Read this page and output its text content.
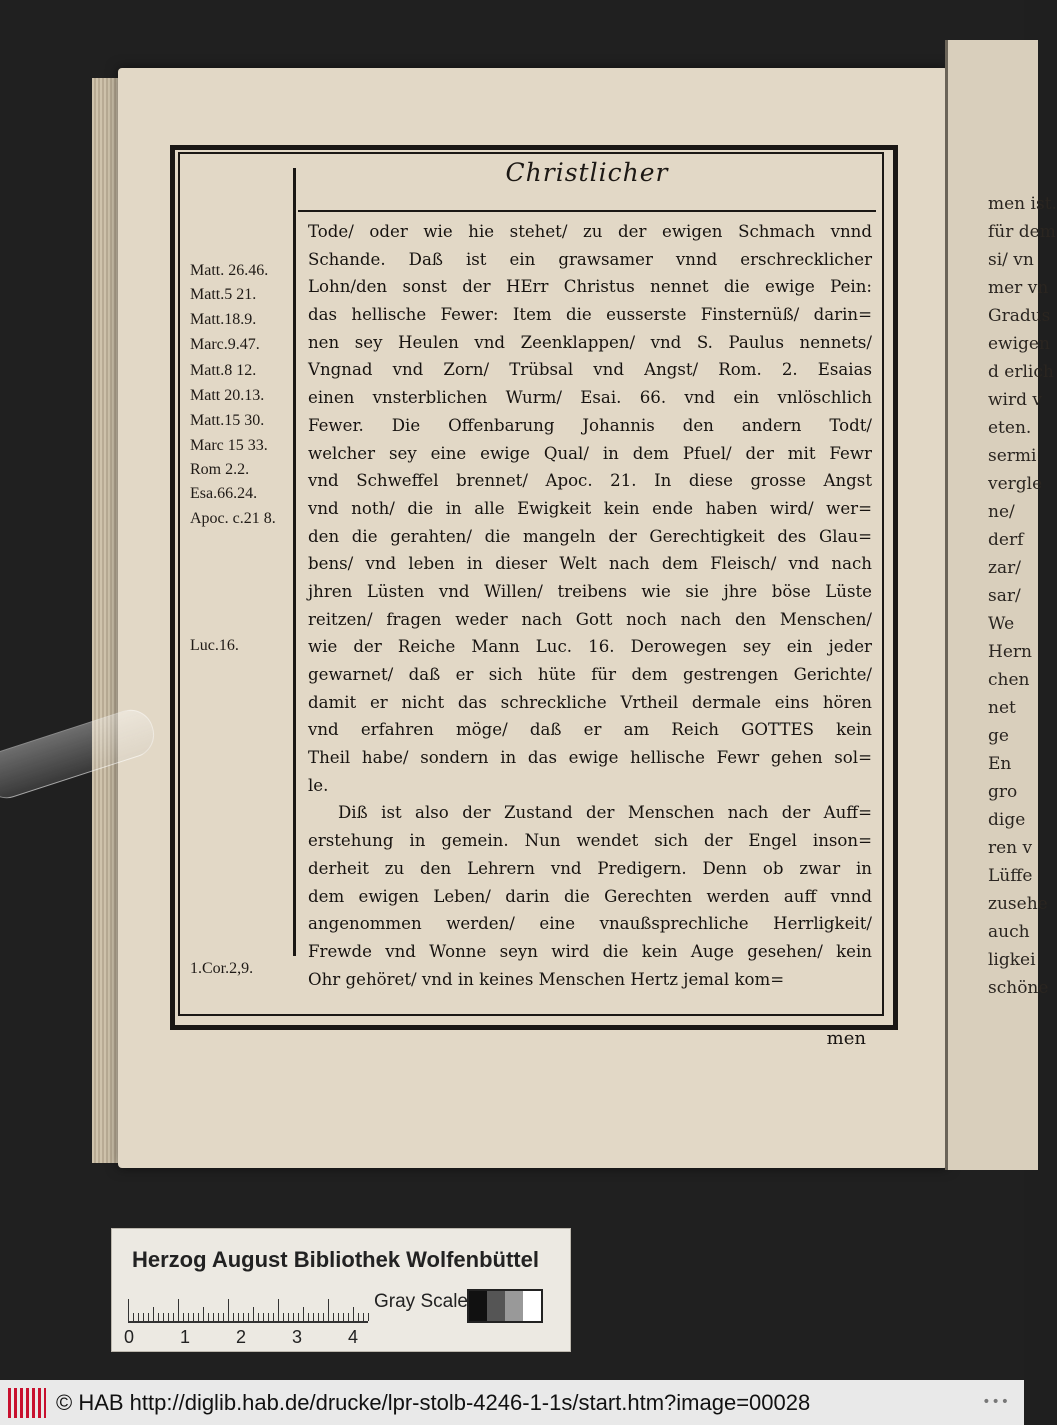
men ist.
für dem
si/ vn
mer vn
Gradus
ewigen
d erlich
wird v
eten.
sermi
vergle
ne/
derf
zar/
sar/
We
Hern
chen
net
ge
En
gro
dige
ren v
Lüffe
zusehe
auch
ligkei
schöne
Christlicher
Matt. 26.46.
Matt.5 21.
Matt.18.9.
Marc.9.47.
Matt.8 12.
Matt 20.13.
Matt.15 30.
Marc 15 33.
Rom 2.2.
Esa.66.24.
Apoc. c.21 8.
Luc.16.
1.Cor.2,9.
Tode/ oder wie hie stehet/ zu der ewigen Schmach vnnd
Schande. Daß ist ein grawsamer vnnd erschrecklicher
Lohn/den sonst der HErr Christus nennet die ewige Pein:
das hellische Fewer: Item die eusserste Finsternüß/ darin=
nen sey Heulen vnd Zeenklappen/ vnd S. Paulus nennets/
Vngnad vnd Zorn/ Trübsal vnd Angst/ Rom. 2. Esaias
einen vnsterblichen Wurm/ Esai. 66. vnd ein vnlöschlich
Fewer. Die Offenbarung Johannis den andern Todt/
welcher sey eine ewige Qual/ in dem Pfuel/ der mit Fewr
vnd Schweffel brennet/ Apoc. 21. In diese grosse Angst
vnd noth/ die in alle Ewigkeit kein ende haben wird/ wer=
den die gerahten/ die mangeln der Gerechtigkeit des Glau=
bens/ vnd leben in dieser Welt nach dem Fleisch/ vnd nach
jhren Lüsten vnd Willen/ treibens wie sie jhre böse Lüste
reitzen/ fragen weder nach Gott noch nach den Menschen/
wie der Reiche Mann Luc. 16. Derowegen sey ein jeder
gewarnet/ daß er sich hüte für dem gestrengen Gerichte/
damit er nicht das schreckliche Vrtheil dermale eins hören
vnd erfahren möge/ daß er am Reich GOTTES kein
Theil habe/ sondern in das ewige hellische Fewr gehen sol=
le.
Diß ist also der Zustand der Menschen nach der Auff=
erstehung in gemein. Nun wendet sich der Engel inson=
derheit zu den Lehrern vnd Predigern. Denn ob zwar in
dem ewigen Leben/ darin die Gerechten werden auff vnnd
angenommen werden/ eine vnaußsprechliche Herrligkeit/
Frewde vnd Wonne seyn wird die kein Auge gesehen/ kein
Ohr gehöret/ vnd in keines Menschen Hertz jemal kom=
men
Herzog August Bibliothek Wolfenbüttel
0	1	2	3	4
Gray Scale
© HAB http://diglib.hab.de/drucke/lpr-stolb-4246-1-1s/start.htm?image=00028	•••
